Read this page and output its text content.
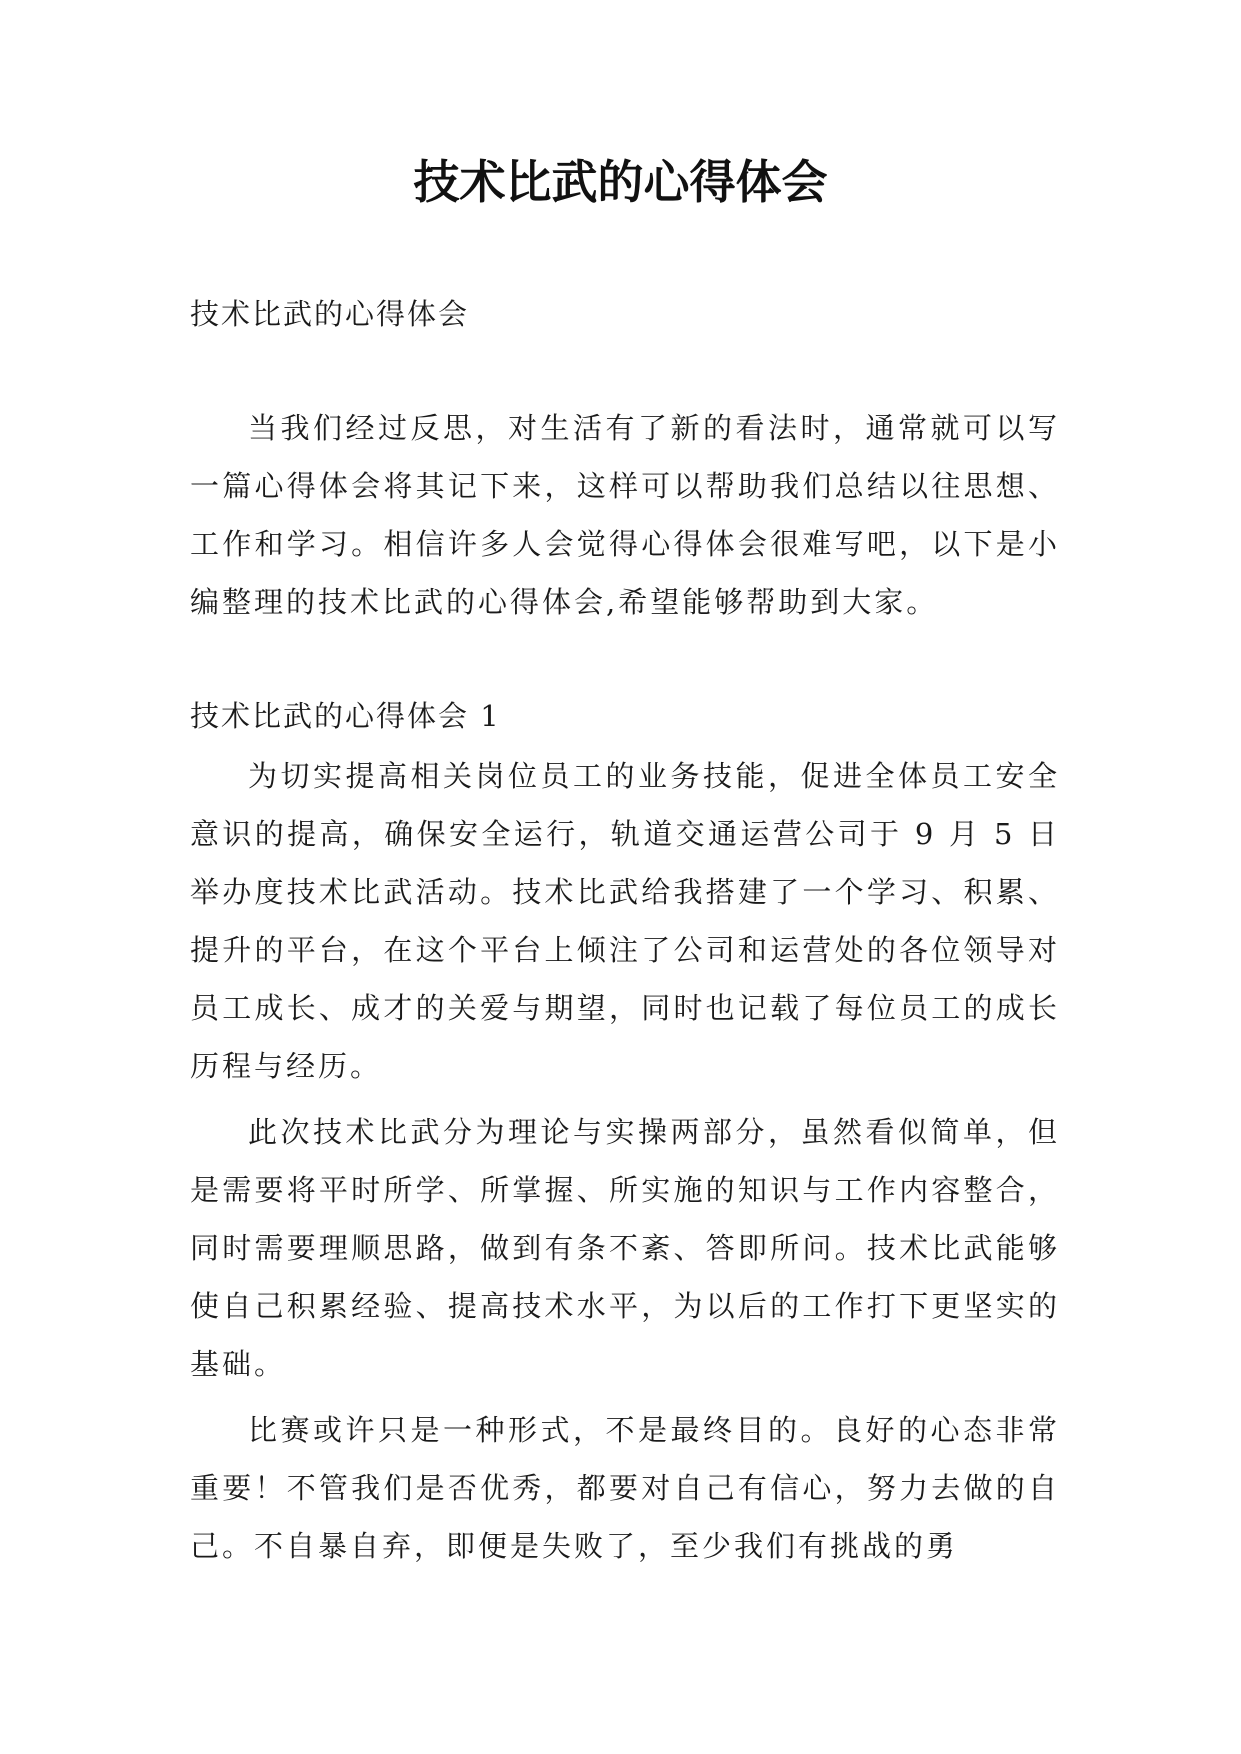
技术比武的心得体会

技术比武的心得体会

当我们经过反思，对生活有了新的看法时，通常就可以写一篇心得体会将其记下来，这样可以帮助我们总结以往思想、工作和学习。相信许多人会觉得心得体会很难写吧，以下是小编整理的技术比武的心得体会,希望能够帮助到大家。

技术比武的心得体会 1

为切实提高相关岗位员工的业务技能，促进全体员工安全意识的提高，确保安全运行，轨道交通运营公司于 9 月 5 日举办度技术比武活动。技术比武给我搭建了一个学习、积累、提升的平台，在这个平台上倾注了公司和运营处的各位领导对员工成长、成才的关爱与期望，同时也记载了每位员工的成长历程与经历。

此次技术比武分为理论与实操两部分，虽然看似简单，但是需要将平时所学、所掌握、所实施的知识与工作内容整合，同时需要理顺思路，做到有条不紊、答即所问。技术比武能够使自己积累经验、提高技术水平，为以后的工作打下更坚实的基础。

比赛或许只是一种形式，不是最终目的。良好的心态非常重要！不管我们是否优秀，都要对自己有信心，努力去做的自己。不自暴自弃，即便是失败了，至少我们有挑战的勇
